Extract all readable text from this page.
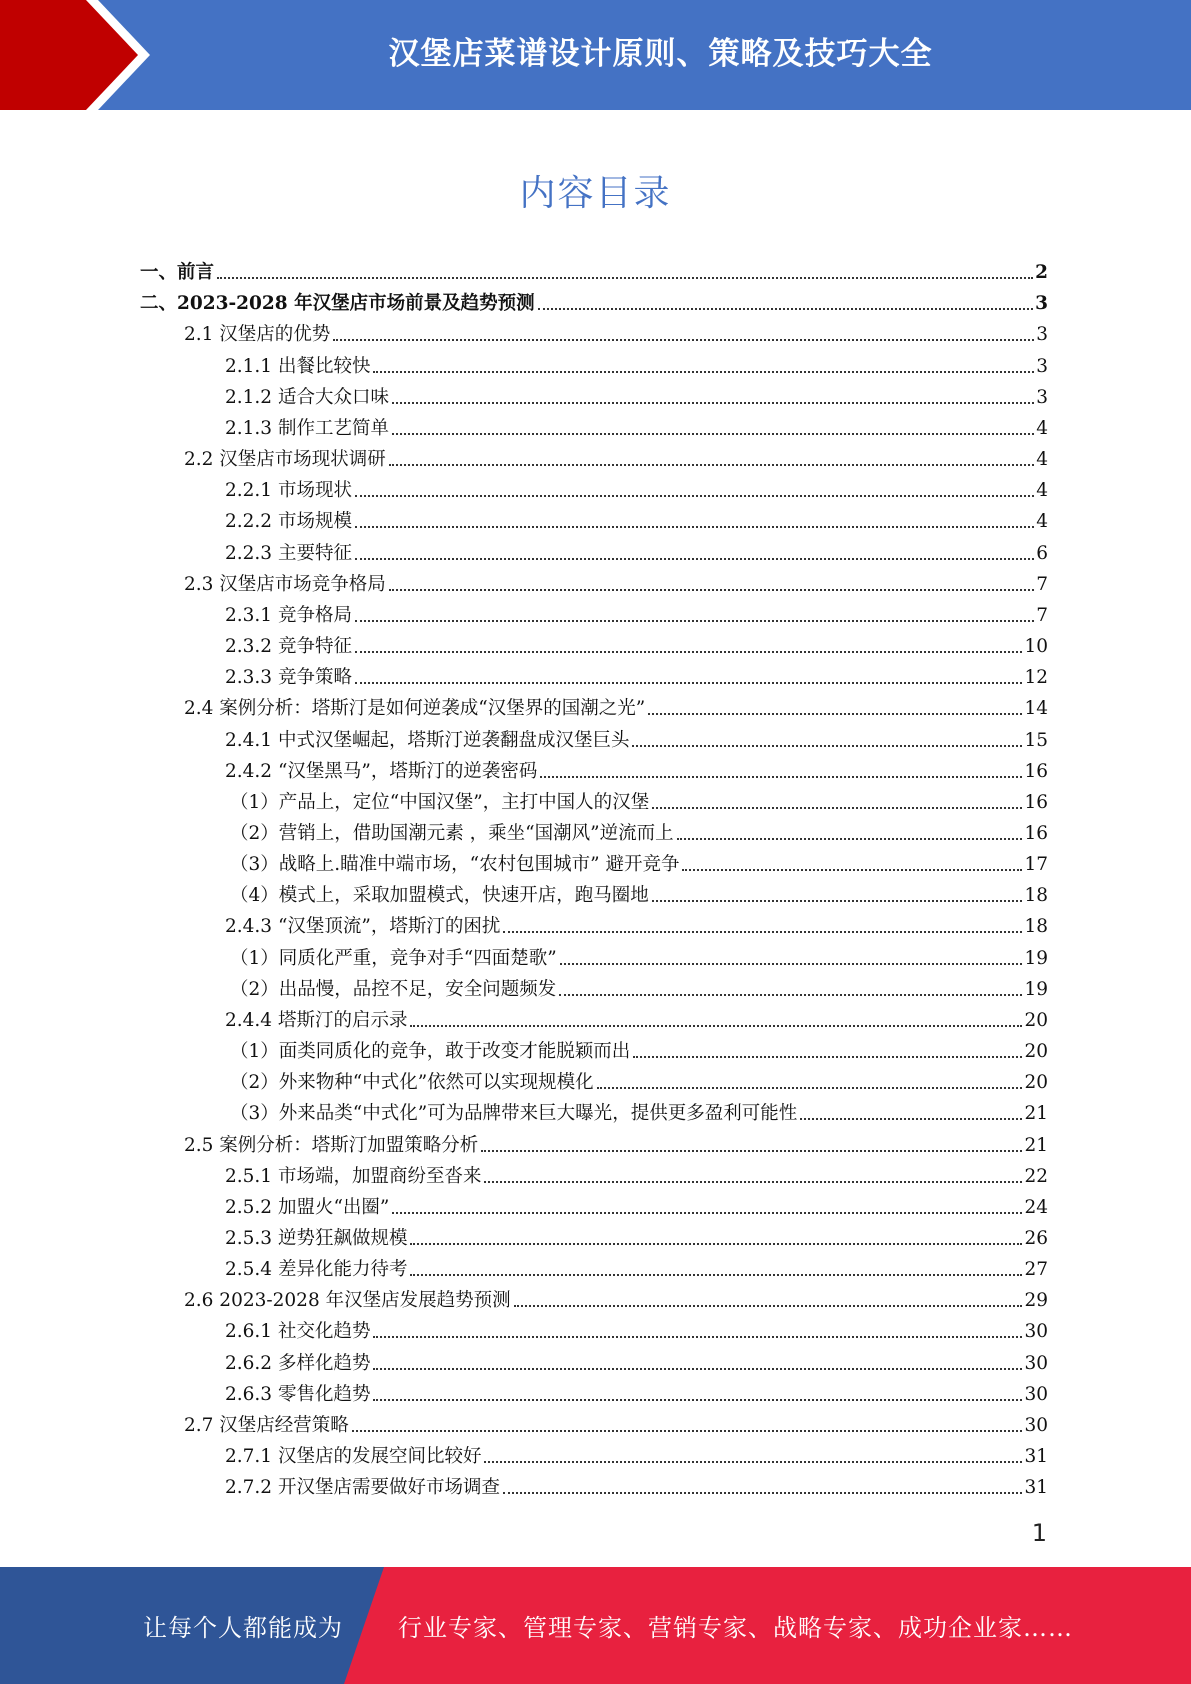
汉堡店菜谱设计原则、策略及技巧大全
内容目录
一、前言	2
二、2023-2028 年汉堡店市场前景及趋势预测	3
2.1 汉堡店的优势	3
2.1.1 出餐比较快	3
2.1.2 适合大众口味	3
2.1.3 制作工艺简单	4
2.2 汉堡店市场现状调研	4
2.2.1 市场现状	4
2.2.2 市场规模	4
2.2.3 主要特征	6
2.3 汉堡店市场竞争格局	7
2.3.1 竞争格局	7
2.3.2 竞争特征	10
2.3.3 竞争策略	12
2.4 案例分析：塔斯汀是如何逆袭成“汉堡界的国潮之光”	14
2.4.1 中式汉堡崛起，塔斯汀逆袭翻盘成汉堡巨头	15
2.4.2 “汉堡黑马”，塔斯汀的逆袭密码	16
（1）产品上，定位“中国汉堡”，主打中国人的汉堡	16
（2）营销上，借助国潮元素 ，乘坐“国潮风”逆流而上	16
（3）战略上.瞄准中端市场，“农村包围城市” 避开竞争	17
（4）模式上，采取加盟模式，快速开店，跑马圈地	18
2.4.3 “汉堡顶流”，塔斯汀的困扰	18
（1）同质化严重，竞争对手“四面楚歌”	19
（2）出品慢，品控不足，安全问题频发	19
2.4.4 塔斯汀的启示录	20
（1）面类同质化的竞争，敢于改变才能脱颖而出	20
（2）外来物种“中式化”依然可以实现规模化	20
（3）外来品类“中式化”可为品牌带来巨大曝光，提供更多盈利可能性	21
2.5 案例分析：塔斯汀加盟策略分析	21
2.5.1 市场端，加盟商纷至沓来	22
2.5.2 加盟火“出圈”	24
2.5.3 逆势狂飙做规模	26
2.5.4 差异化能力待考	27
2.6 2023-2028 年汉堡店发展趋势预测	29
2.6.1 社交化趋势	30
2.6.2 多样化趋势	30
2.6.3 零售化趋势	30
2.7 汉堡店经营策略	30
2.7.1 汉堡店的发展空间比较好	31
2.7.2 开汉堡店需要做好市场调查	31
1
让每个人都能成为 行业专家、管理专家、营销专家、战略专家、成功企业家……
